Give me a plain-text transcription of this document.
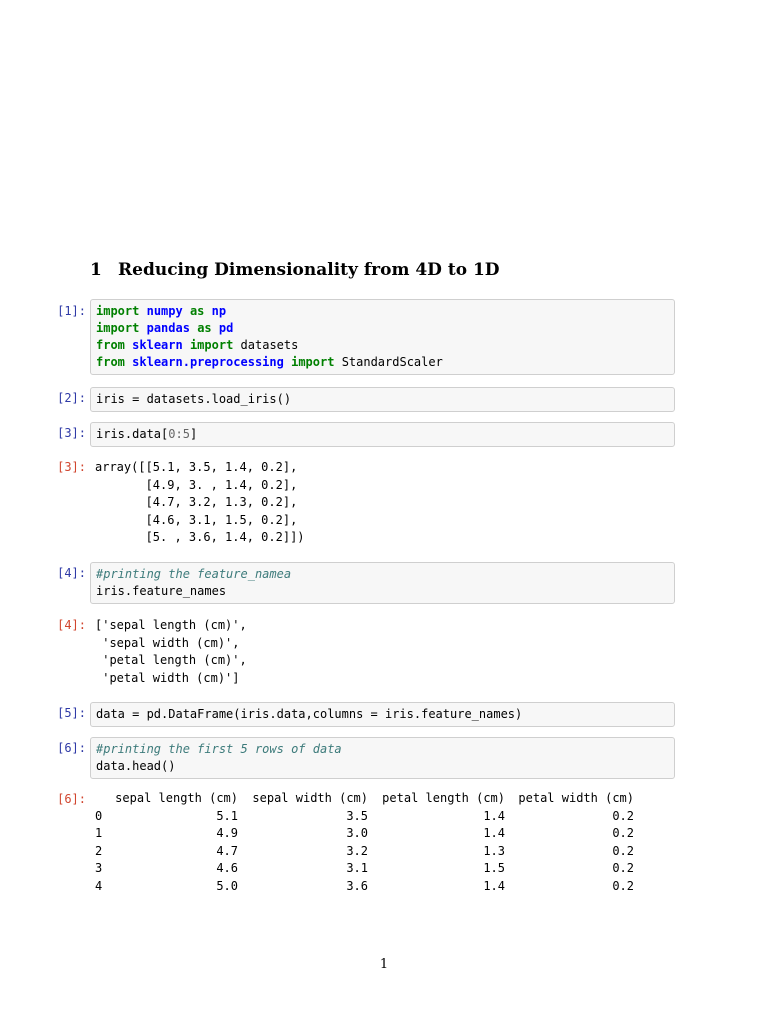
1 Reducing Dimensionality from 4D to 1D
[1]: import numpy as np
import pandas as pd
from sklearn import datasets
from sklearn.preprocessing import StandardScaler
[2]: iris = datasets.load_iris()
[3]: iris.data[0:5]
[3]: array([[5.1, 3.5, 1.4, 0.2],
[4.9, 3. , 1.4, 0.2],
[4.7, 3.2, 1.3, 0.2],
[4.6, 3.1, 1.5, 0.2],
[5. , 3.6, 1.4, 0.2]])
[4]: #printing the feature_namea
iris.feature_names
[4]: ['sepal length (cm)',
'sepal width (cm)',
'petal length (cm)',
'petal width (cm)']
[5]: data = pd.DataFrame(iris.data,columns = iris.feature_names)
[6]: #printing the first 5 rows of data
data.head()
[6]:
	sepal length (cm)	sepal width (cm)	petal length (cm)	petal width (cm)
0	5.1	3.5	1.4	0.2
1	4.9	3.0	1.4	0.2
2	4.7	3.2	1.3	0.2
3	4.6	3.1	1.5	0.2
4	5.0	3.6	1.4	0.2
1
